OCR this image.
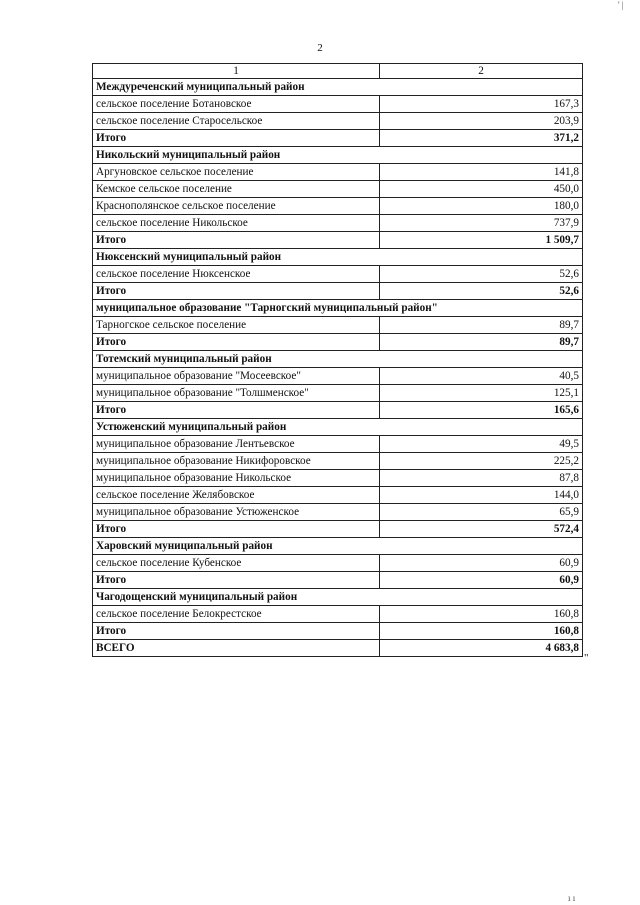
2
1	2
Междуреченский муниципальный район	
сельское поселение Ботановское	167,3
сельское поселение Старосельское	203,9
Итого	371,2
Никольский муниципальный район	
Аргуновское сельское поселение	141,8
Кемское сельское поселение	450,0
Краснополянское сельское поселение	180,0
сельское поселение Никольское	737,9
Итого	1 509,7
Нюксенский муниципальный район	
сельское поселение Нюксенское	52,6
Итого	52,6
муниципальное образование "Тарногский муниципальный район"	
Тарногское сельское поселение	89,7
Итого	89,7
Тотемский муниципальный район	
муниципальное образование "Мосеевское"	40,5
муниципальное образование "Толшменское"	125,1
Итого	165,6
Устюженский муниципальный район	
муниципальное образование Лентьевское	49,5
муниципальное образование Никифоровское	225,2
муниципальное образование Никольское	87,8
сельское поселение Желябовское	144,0
муниципальное образование Устюженское	65,9
Итого	572,4
Харовский муниципальный район	
сельское поселение Кубенское	60,9
Итого	60,9
Чагодощенский муниципальный район	
сельское поселение Белокрестское	160,8
Итого	160,8
ВСЕГО	4 683,8
"
' |
ı ı
